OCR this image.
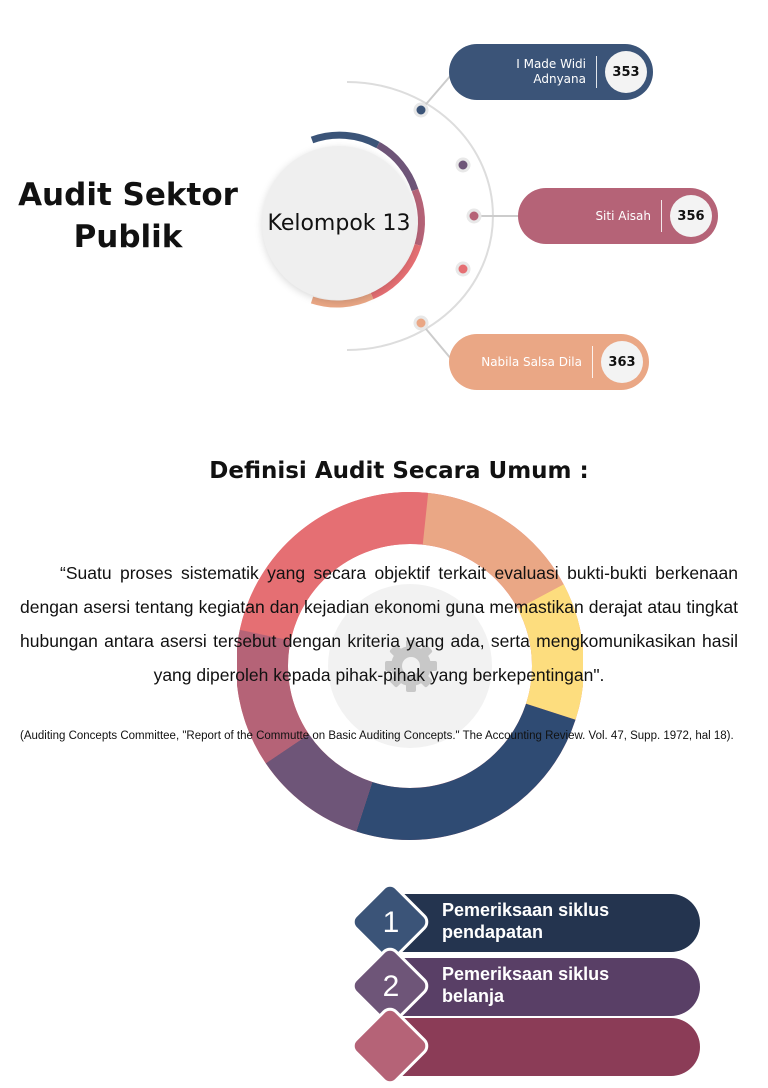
Audit Sektor
Publik	Kelompok 13
I Made Widi
Adnyana	353
Siti Aisah	356
Nabila Salsa Dila	363
Definisi Audit Secara Umum :
“Suatu proses sistematik yang secara objektif terkait evaluasi bukti-bukti berkenaan dengan asersi tentang kegiatan dan kejadian ekonomi guna memastikan derajat atau tingkat hubungan antara asersi tersebut dengan kriteria yang ada, serta mengkomunikasikan hasil yang diperoleh kepada pihak-pihak yang berkepentingan".
(Auditing Concepts Committee, "Report of the Commutte on Basic Auditing Concepts." The Accounting Review. Vol. 47, Supp. 1972, hal 18).
Pemeriksaan siklus
pendapatan
1
Pemeriksaan siklus
belanja
2
